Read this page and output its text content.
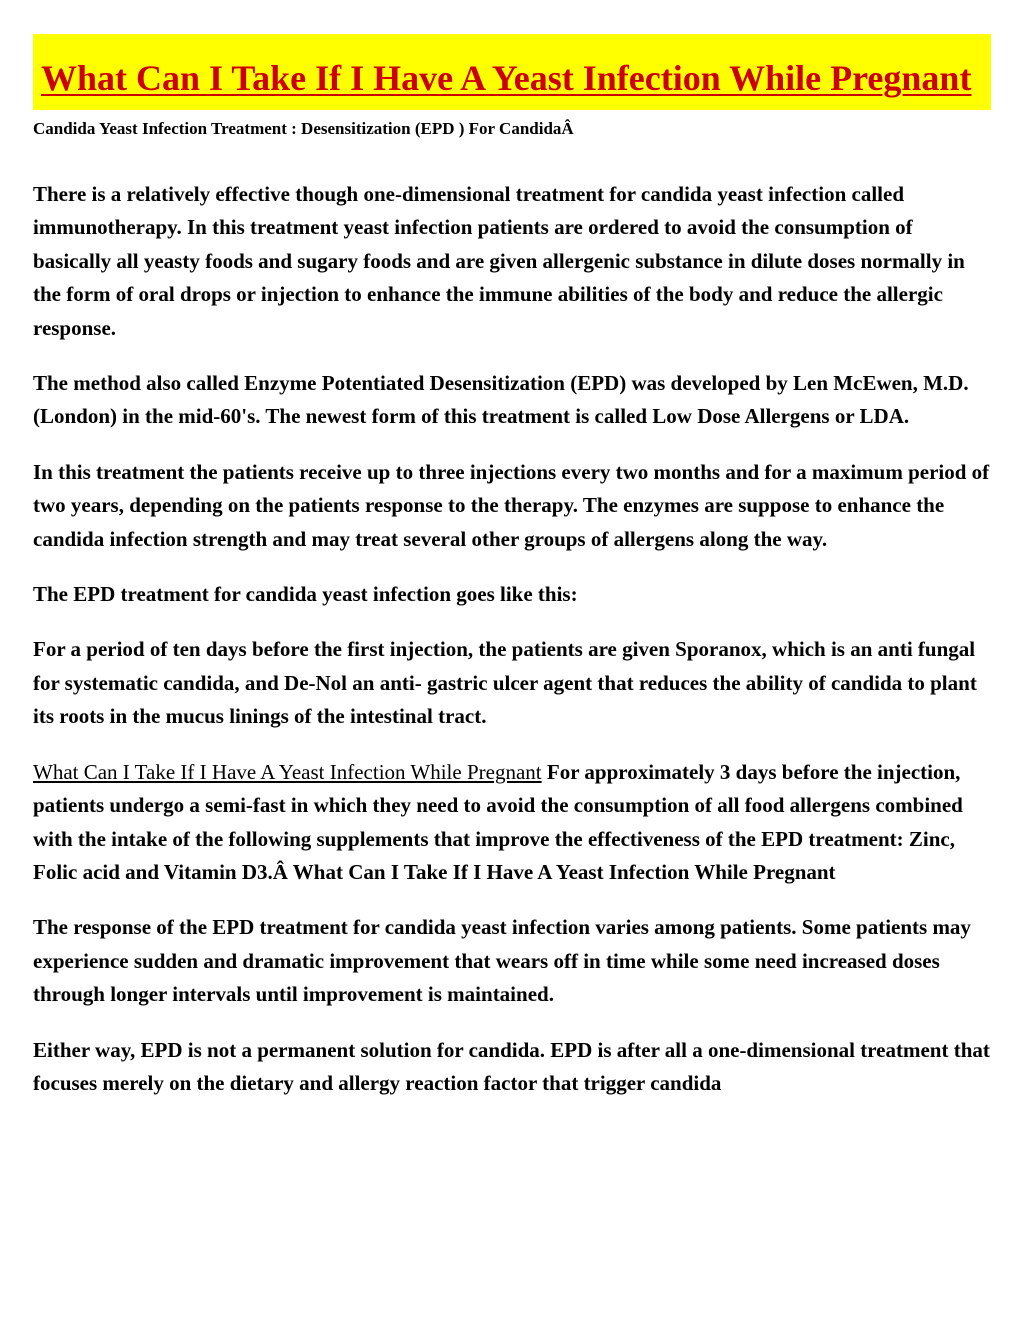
What Can I Take If I Have A Yeast Infection While Pregnant
Candida Yeast Infection Treatment : Desensitization (EPD ) For CandidaÂ

There is a relatively effective though one-dimensional treatment for candida yeast infection called immunotherapy. In this treatment yeast infection patients are ordered to avoid the consumption of basically all yeasty foods and sugary foods and are given allergenic substance in dilute doses normally in the form of oral drops or injection to enhance the immune abilities of the body and reduce the allergic response.

The method also called Enzyme Potentiated Desensitization (EPD) was developed by Len McEwen, M.D. (London) in the mid-60's. The newest form of this treatment is called Low Dose Allergens or LDA.

In this treatment the patients receive up to three injections every two months and for a maximum period of two years, depending on the patients response to the therapy. The enzymes are suppose to enhance the candida infection strength and may treat several other groups of allergens along the way.

The EPD treatment for candida yeast infection goes like this:

For a period of ten days before the first injection, the patients are given Sporanox, which is an anti fungal for systematic candida, and De-Nol an anti- gastric ulcer agent that reduces the ability of candida to plant its roots in the mucus linings of the intestinal tract.

What Can I Take If I Have A Yeast Infection While Pregnant For approximately 3 days before the injection, patients undergo a semi-fast in which they need to avoid the consumption of all food allergens combined with the intake of the following supplements that improve the effectiveness of the EPD treatment: Zinc, Folic acid and Vitamin D3.Â What Can I Take If I Have A Yeast Infection While Pregnant

The response of the EPD treatment for candida yeast infection varies among patients. Some patients may experience sudden and dramatic improvement that wears off in time while some need increased doses through longer intervals until improvement is maintained.

Either way, EPD is not a permanent solution for candida. EPD is after all a one-dimensional treatment that focuses merely on the dietary and allergy reaction factor that trigger candida
